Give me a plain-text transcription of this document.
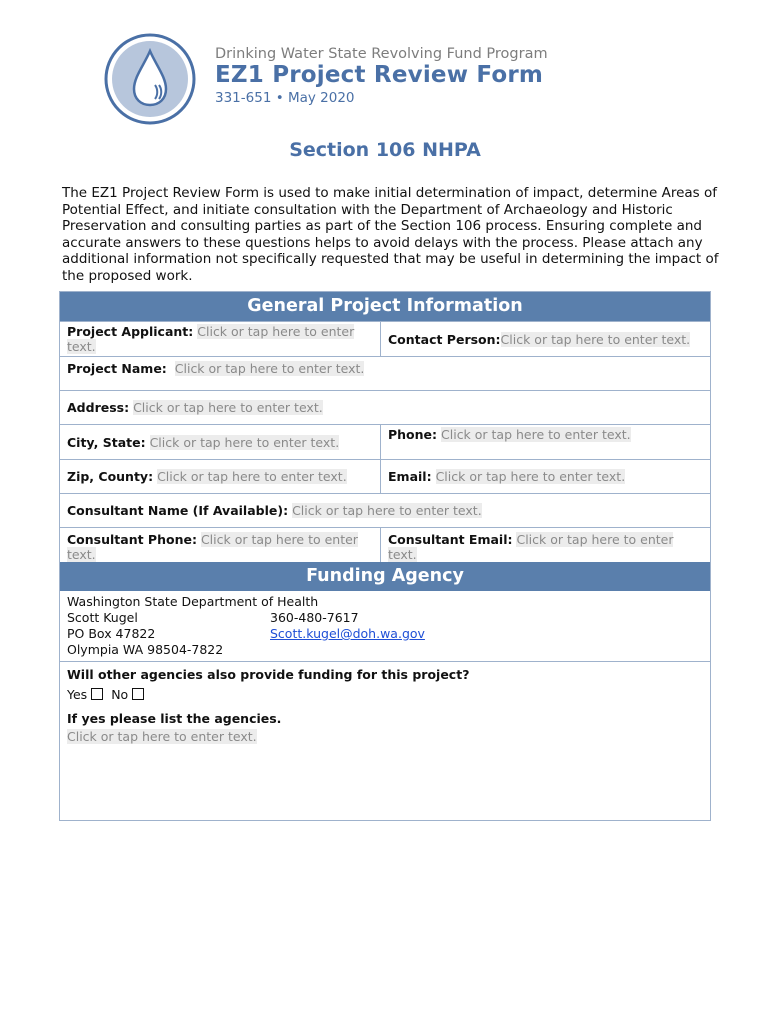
Drinking Water State Revolving Fund Program
EZ1 Project Review Form
331-651 • May 2020
Section 106 NHPA
The EZ1 Project Review Form is used to make initial determination of impact, determine Areas of Potential Effect, and initiate consultation with the Department of Archaeology and Historic Preservation and consulting parties as part of the Section 106 process. Ensuring complete and accurate answers to these questions helps to avoid delays with the process. Please attach any additional information not specifically requested that may be useful in determining the impact of the proposed work.
General Project Information
Project Applicant: Click or tap here to enter text.	Contact Person:Click or tap here to enter text.
Project Name: Click or tap here to enter text.
Address: Click or tap here to enter text.
City, State: Click or tap here to enter text.	Phone: Click or tap here to enter text.
Zip, County: Click or tap here to enter text.	Email: Click or tap here to enter text.
Consultant Name (If Available): Click or tap here to enter text.
Consultant Phone: Click or tap here to enter text.
Consultant Email: Click or tap here to enter text.
Funding Agency
Washington State Department of Health
Scott Kugel	360-480-7617
PO Box 47822	Scott.kugel@doh.wa.gov
Olympia WA 98504-7822
Will other agencies also provide funding for this project?
Yes No
If yes please list the agencies.
Click or tap here to enter text.
